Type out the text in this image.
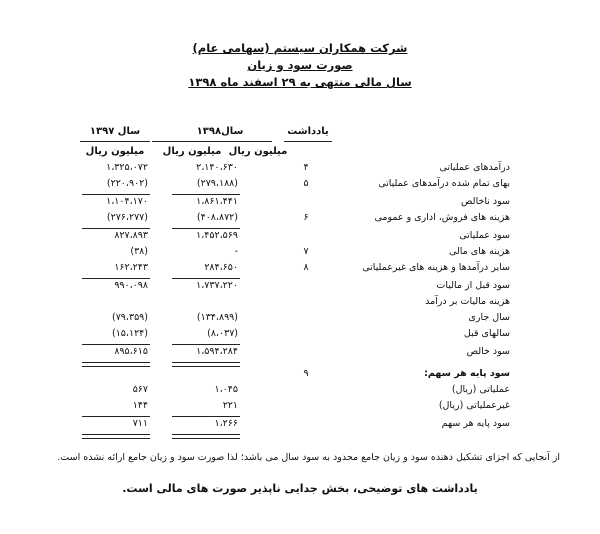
شرکت همکاران سیستم (سهامی عام)
صورت سود و زیان
سال مالی منتهی به ۲۹ اسفند ماه ۱۳۹۸
یادداشت
سال۱۳۹۸
سال ۱۳۹۷
میلیون ریال
میلیون ریال
میلیون ریال
درآمدهای عملیاتی
۴
۲،۱۴۰،۶۳۰
۱،۳۲۵،۰۷۲
بهای تمام شده درآمدهای عملیاتی
۵
(۲۷۹،۱۸۸)
(۲۲۰،۹۰۲)
سود ناخالص
۱،۸۶۱،۴۴۱
۱،۱۰۴،۱۷۰
هزینه های فروش، اداری و عمومی
۶
(۴۰۸،۸۷۲)
(۲۷۶،۲۷۷)
سود عملیاتی
۱،۴۵۲،۵۶۹
۸۲۷،۸۹۳
هزینه های مالی
۷
-
(۳۸)
سایر درآمدها و هزینه های غیرعملیاتی
۸
۲۸۴،۶۵۰
۱۶۲،۲۴۳
سود قبل از مالیات
۱،۷۳۷،۲۲۰
۹۹۰،۰۹۸
هزینه مالیات بر درآمد
سال جاری
(۱۳۴،۸۹۹)
(۷۹،۳۵۹)
سالهای قبل
(۸،۰۳۷)
(۱۵،۱۲۴)
سود خالص
۱،۵۹۴،۲۸۴
۸۹۵،۶۱۵
سود پایه هر سهم:
۹
عملیاتی (ریال)
۱،۰۴۵
۵۶۷
غیرعملیاتی (ریال)
۲۲۱
۱۴۴
سود پایه هر سهم
۱،۲۶۶
۷۱۱
از آنجایی که اجزای تشکیل دهنده سود و زیان جامع محدود به سود سال می باشد؛ لذا صورت سود و زیان جامع ارائه نشده است.
یادداشت های توضیحی، بخش جدایی ناپذیر صورت های مالی است.
